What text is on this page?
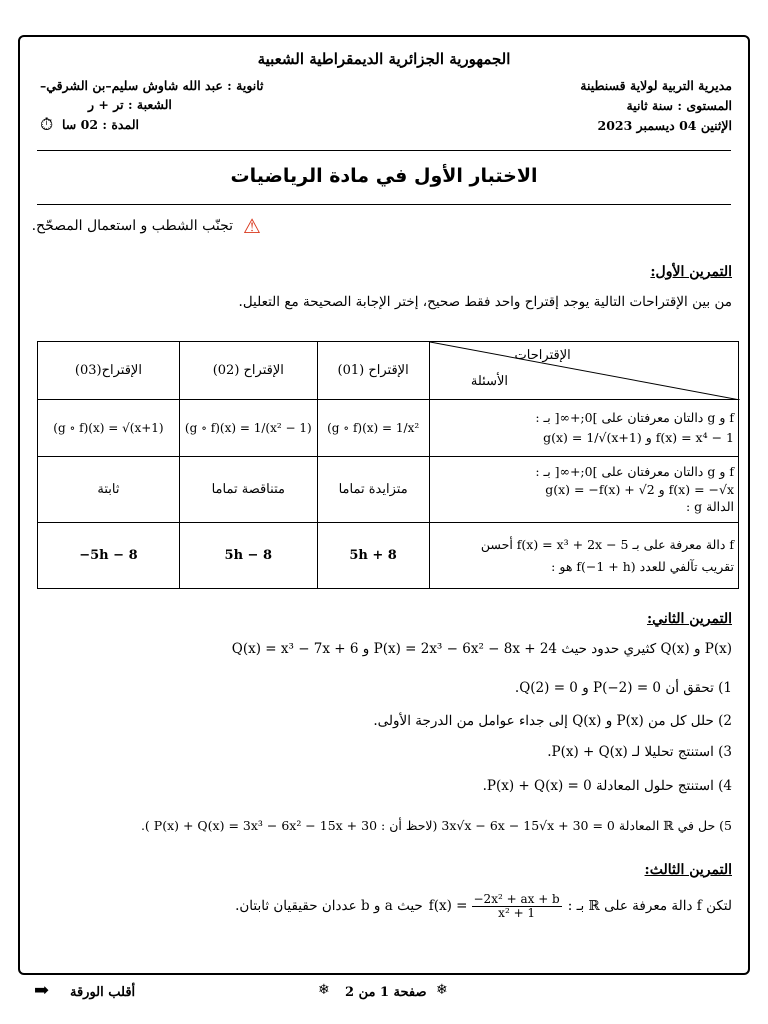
الجمهورية الجزائرية الديمقراطية الشعبية
مديرية التربية لولاية قسنطينة
المستوى : سنة ثانية
الإثنين 04 ديسمبر 2023
ثانوية : عبد الله شاوش سليم–بن الشرقي–
الشعبة : تر + ر
المدة : 02 سا
⏱
الاختبار الأول في مادة الرياضيات
⚠
تجنّب الشطب و استعمال المصحّح.
التمرين الأول:
من بين الإقتراحات التالية يوجد إقتراح واحد فقط صحيح، إختر الإجابة الصحيحة مع التعليل.
الإقتراحات
الأسئلة	الإقتراح (01)	الإقتراح (02)	الإقتراح(03)

f و g دالتان معرفتان على ]0;+∞[ بـ :
g(x) = 1/√(x+1) و f(x) = x⁴ − 1	(g ∘ f)(x) = 1/x²	(g ∘ f)(x) = 1/(x² − 1)	(g ∘ f)(x) = √(x+1)

f و g دالتان معرفتان على ]0;+∞[ بـ :
g(x) = −f(x) + √2 و f(x) = −√x
الدالة g :	متزايدة تماما	متناقصة تماما	ثابتة

f دالة معرفة على بـ f(x) = x³ + 2x − 5 أحسن
تقريب تآلفي للعدد f(−1 + h) هو :	5h + 8	5h − 8	−5h − 8
التمرين الثاني:
P(x) و Q(x) كثيري حدود حيث P(x) = 2x³ − 6x² − 8x + 24 و Q(x) = x³ − 7x + 6
1) تحقق أن P(−2) = 0 و Q(2) = 0.
2) حلل كل من P(x) و Q(x) إلى جداء عوامل من الدرجة الأولى.
3) استنتج تحليلا لـ P(x) + Q(x).
4) استنتج حلول المعادلة P(x) + Q(x) = 0.
5) حل في ℝ المعادلة 3x√x − 6x − 15√x + 30 = 0 (لاحظ أن : P(x) + Q(x) = 3x³ − 6x² − 15x + 30 ).
التمرين الثالث:
لتكن f دالة معرفة على ℝ بـ :
$f(x) = \frac{\text{−2x² + ax + b}}{\text{x² + 1}}$
حيث a و b عددان حقيقيان ثابتان.
أقلب الورقة
➡	❄ صفحة 1 من 2 ❄
